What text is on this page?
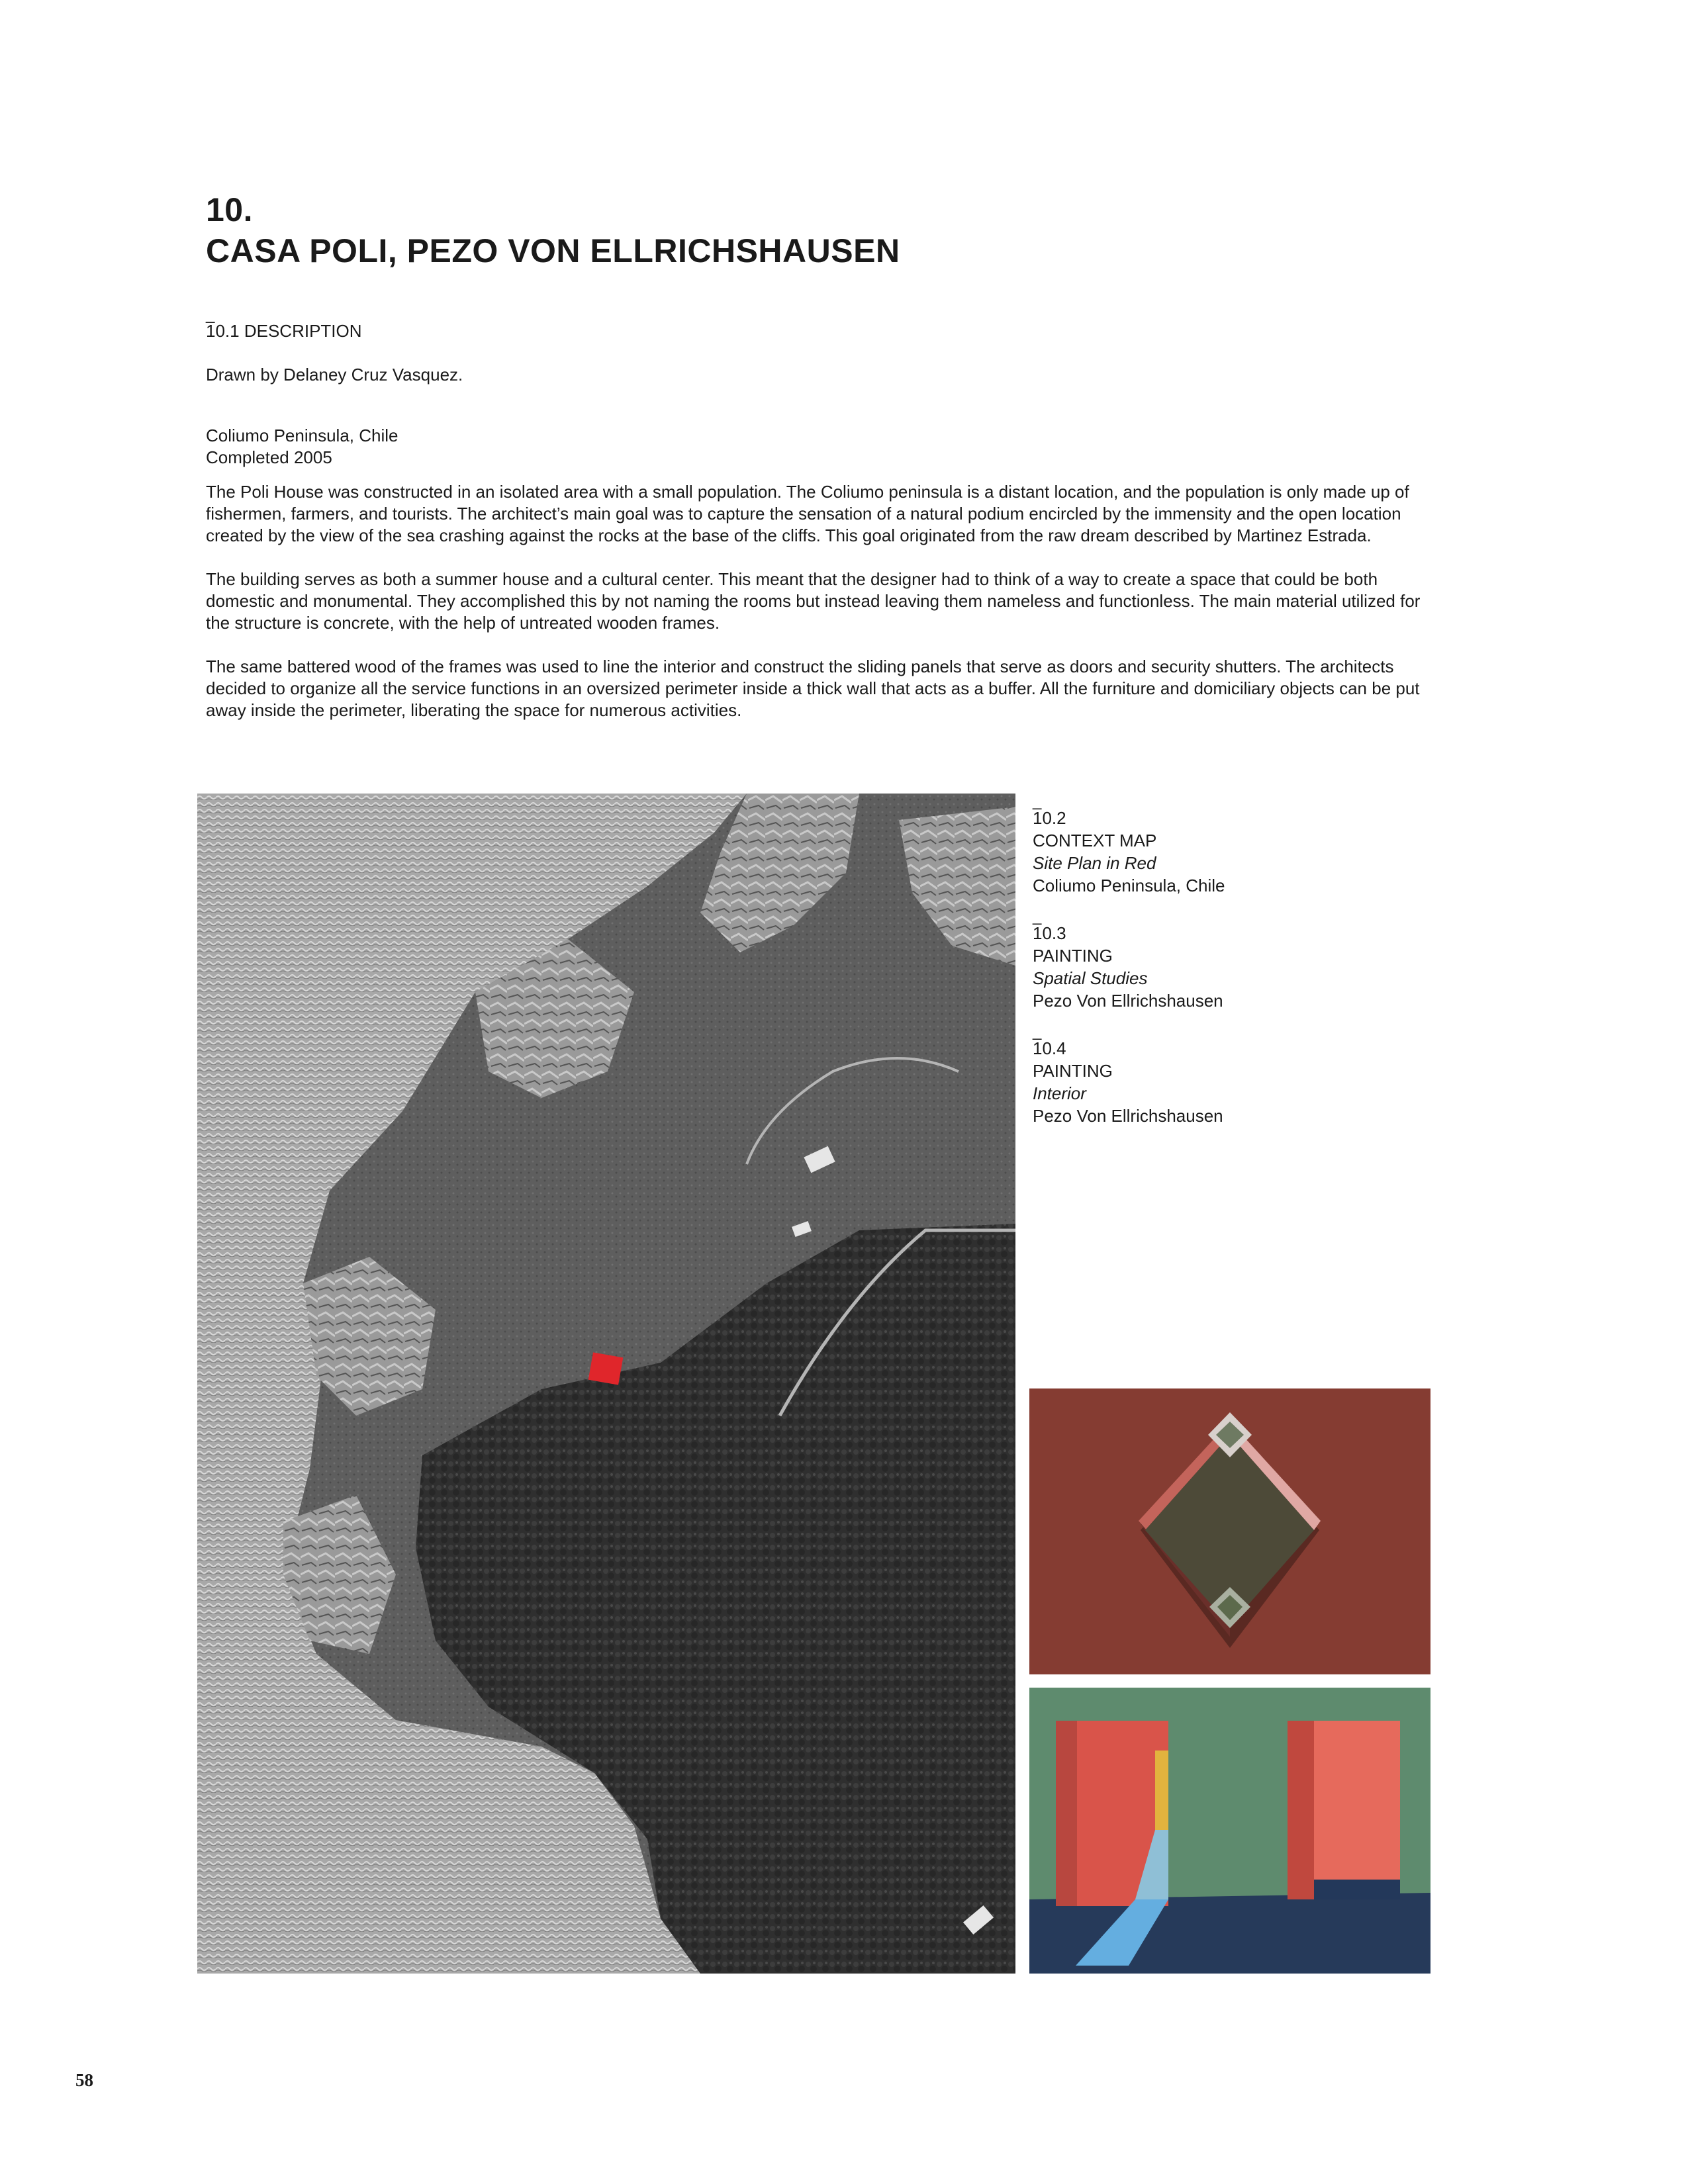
10.
CASA POLI, PEZO VON ELLRICHSHAUSEN
_
10.1 DESCRIPTION
Drawn by Delaney Cruz Vasquez.
Coliumo Peninsula, Chile
Completed 2005
The Poli House was constructed in an isolated area with a small population. The Coliumo peninsula is a distant location, and the population is only made up of fishermen, farmers, and tourists. The architect’s main goal was to capture the sensation of a natural podium encircled by the immensity and the open location created by the view of the sea crashing against the rocks at the base of the cliffs. This goal originated from the raw dream described by Martinez Estrada.
The building serves as both a summer house and a cultural center. This meant that the designer had to think of a way to create a space that could be both domestic and monumental. They accomplished this by not naming the rooms but instead leaving them nameless and functionless. The main material utilized for the structure is concrete, with the help of untreated wooden frames.
The same battered wood of the frames was used to line the interior and construct the sliding panels that serve as doors and security shutters. The architects decided to organize all the service functions in an oversized perimeter inside a thick wall that acts as a buffer. All the furniture and domiciliary objects can be put away inside the perimeter, liberating the space for numerous activities.
_
10.2
CONTEXT MAP
Site Plan in Red
Coliumo Peninsula, Chile
_
10.3
PAINTING
Spatial Studies
Pezo Von Ellrichshausen
_
10.4
PAINTING
Interior
Pezo Von Ellrichshausen
58
